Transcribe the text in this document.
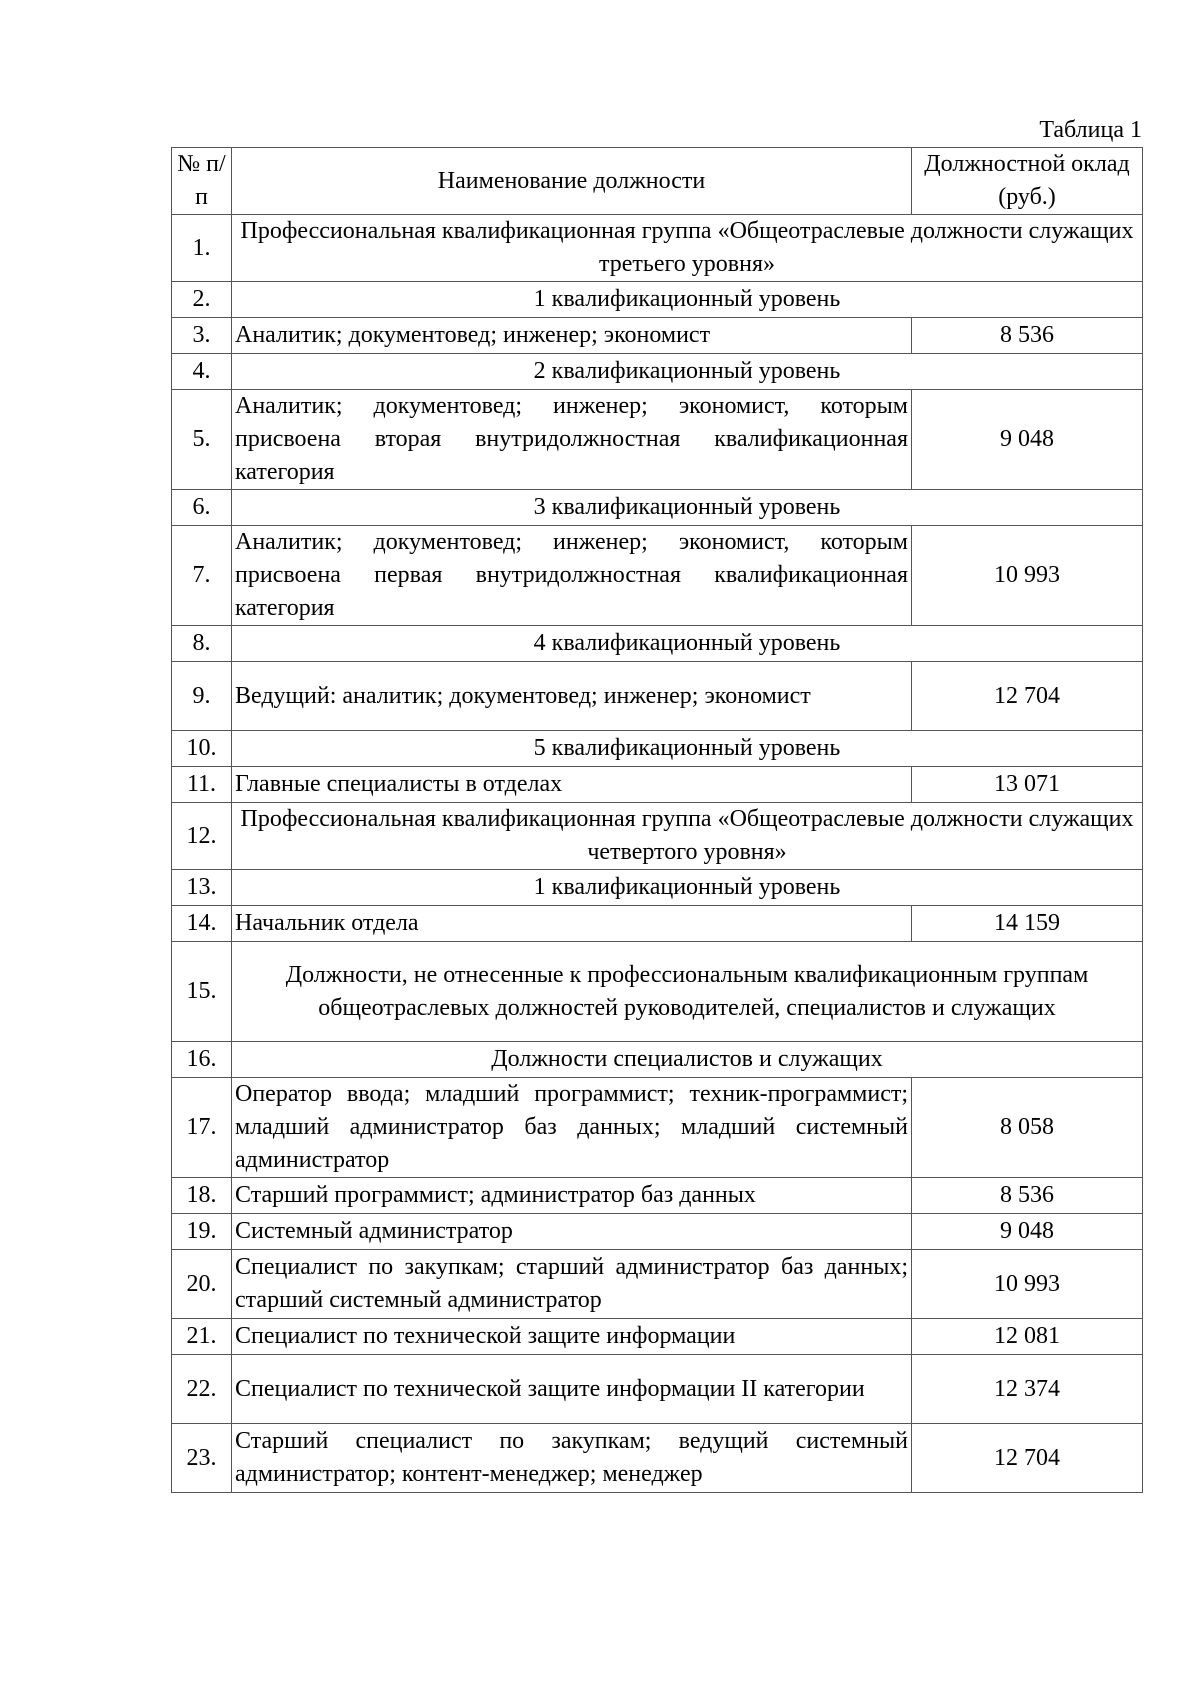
Таблица 1
№ п/п	Наименование должности	Должностной оклад (руб.)
1.	Профессиональная квалификационная группа «Общеотраслевые должности служащих третьего уровня»	
2.	1 квалификационный уровень	
3.	Аналитик; документовед; инженер; экономист	8 536
4.	2 квалификационный уровень	
5.	Аналитик; документовед; инженер; экономист, которым присвоена вторая внутридолжностная квалификационная категория	9 048
6.	3 квалификационный уровень	
7.	Аналитик; документовед; инженер; экономист, которым присвоена первая внутридолжностная квалификационная категория	10 993
8.	4 квалификационный уровень	
9.	Ведущий: аналитик; документовед; инженер; экономист	12 704
10.	5 квалификационный уровень	
11.	Главные специалисты в отделах	13 071
12.	Профессиональная квалификационная группа «Общеотраслевые должности служащих четвертого уровня»	
13.	1 квалификационный уровень	
14.	Начальник отдела	14 159
15.	Должности, не отнесенные к профессиональным квалификационным группам общеотраслевых должностей руководителей, специалистов и служащих	
16.	Должности специалистов и служащих	
17.	Оператор ввода; младший программист; техник-программист; младший администратор баз данных; младший системный администратор	8 058
18.	Старший программист; администратор баз данных	8 536
19.	Системный администратор	9 048
20.	Специалист по закупкам; старший администратор баз данных; старший системный администратор	10 993
21.	Специалист по технической защите информации	12 081
22.	Специалист по технической защите информации II категории	12 374
23.	Старший специалист по закупкам; ведущий системный администратор; контент-менеджер; менеджер	12 704
